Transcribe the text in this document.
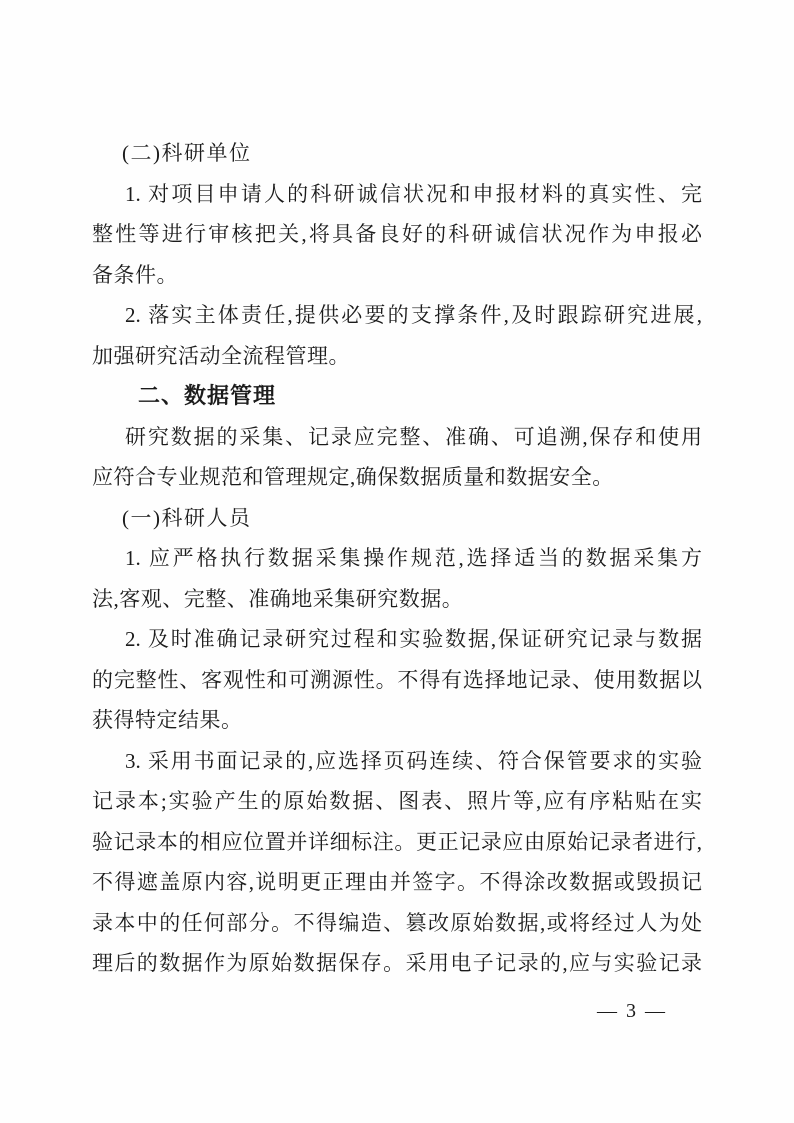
(二)科研单位
1. 对项目申请人的科研诚信状况和申报材料的真实性、完
整性等进行审核把关,将具备良好的科研诚信状况作为申报必
备条件。
2. 落实主体责任,提供必要的支撑条件,及时跟踪研究进展,
加强研究活动全流程管理。
二、数据管理
研究数据的采集、记录应完整、准确、可追溯,保存和使用
应符合专业规范和管理规定,确保数据质量和数据安全。
(一)科研人员
1. 应严格执行数据采集操作规范,选择适当的数据采集方
法,客观、完整、准确地采集研究数据。
2. 及时准确记录研究过程和实验数据,保证研究记录与数据
的完整性、客观性和可溯源性。不得有选择地记录、使用数据以
获得特定结果。
3. 采用书面记录的,应选择页码连续、符合保管要求的实验
记录本;实验产生的原始数据、图表、照片等,应有序粘贴在实
验记录本的相应位置并详细标注。更正记录应由原始记录者进行,
不得遮盖原内容,说明更正理由并签字。不得涂改数据或毁损记
录本中的任何部分。不得编造、篡改原始数据,或将经过人为处
理后的数据作为原始数据保存。采用电子记录的,应与实验记录
— 3 —
